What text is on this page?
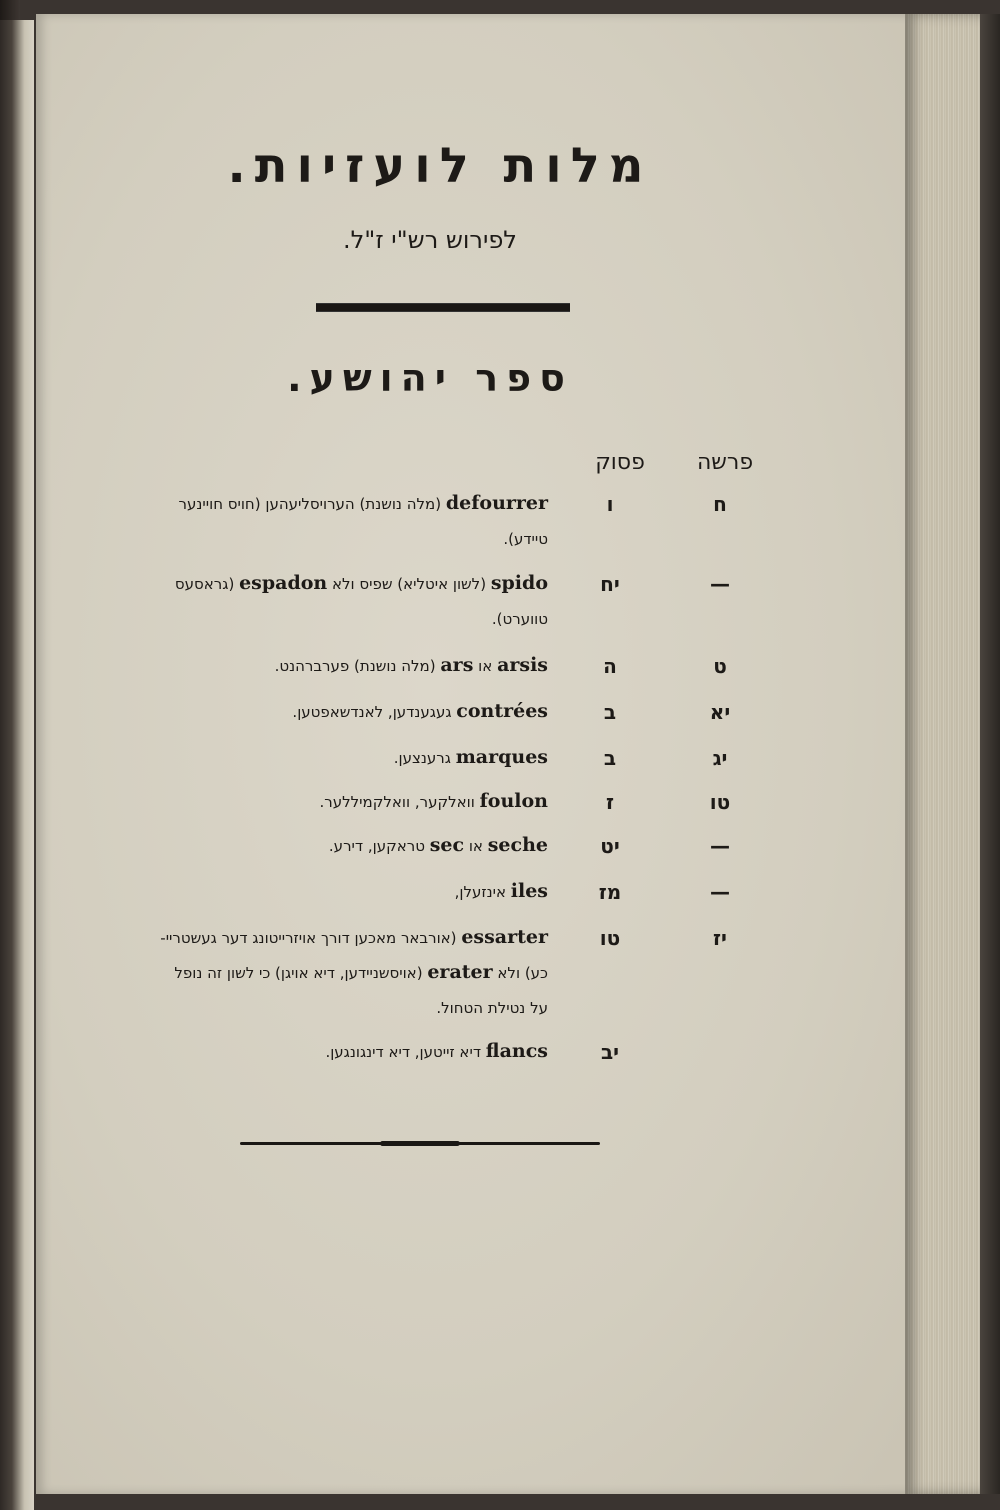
מלות לועזיות.
לפירוש רש"י ז"ל.
ספר יהושע.
פרשה
פסוק
ח
ו
defourrer (מלה נושנת) הערויסליעהען (חויס חויינער
טיידע).
—
יח
spido (לשון איטליא) שפיס ולא espadon (גראסעס
טווערט).
ט
ה
arsis או ars (מלה נושנת) פערברהנט.
יא
ב
contrées געגענדען, לאנדשאפטען.
יג
ב
marques גרענצען.
טו
ז
foulon וואלקער, וואלקמיללער.
—
יט
seche או sec טראקען, דירע.
—
מז
iles אינזעלן,
יז
טו
essarter (אורבאר מאכען דורך אויזרייטונג דער געשטריי-
כע) ולא erater (אויסשניידען, דיא אויגן) כי לשון זה נופל
על נטילת הטחול.
יב
flancs דיא זייטען, דיא דינגונגען.
